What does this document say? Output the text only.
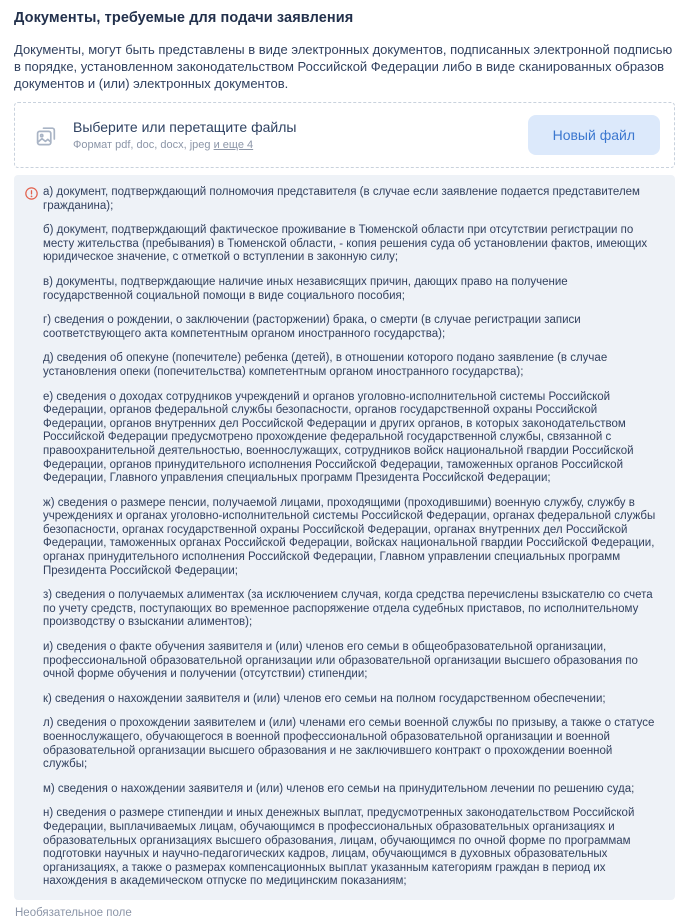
Документы, требуемые для подачи заявления

Документы, могут быть представлены в виде электронных документов, подписанных электронной подписью в порядке, установленном законодательством Российской Федерации либо в виде сканированных образов документов и (или) электронных документов.

Выберите или перетащите файлы
Формат pdf, doc, docx, jpeg и еще 4
Новый файл

а) документ, подтверждающий полномочия представителя (в случае если заявление подается представителем гражданина);

б) документ, подтверждающий фактическое проживание в Тюменской области при отсутствии регистрации по месту жительства (пребывания) в Тюменской области, - копия решения суда об установлении фактов, имеющих юридическое значение, с отметкой о вступлении в законную силу;

в) документы, подтверждающие наличие иных независящих причин, дающих право на получение государственной социальной помощи в виде социального пособия;

г) сведения о рождении, о заключении (расторжении) брака, о смерти (в случае регистрации записи соответствующего акта компетентным органом иностранного государства);

д) сведения об опекуне (попечителе) ребенка (детей), в отношении которого подано заявление (в случае установления опеки (попечительства) компетентным органом иностранного государства);

е) сведения о доходах сотрудников учреждений и органов уголовно-исполнительной системы Российской Федерации, органов федеральной службы безопасности, органов государственной охраны Российской Федерации, органов внутренних дел Российской Федерации и других органов, в которых законодательством Российской Федерации предусмотрено прохождение федеральной государственной службы, связанной с правоохранительной деятельностью, военнослужащих, сотрудников войск национальной гвардии Российской Федерации, органов принудительного исполнения Российской Федерации, таможенных органов Российской Федерации, Главного управления специальных программ Президента Российской Федерации;

ж) сведения о размере пенсии, получаемой лицами, проходящими (проходившими) военную службу, службу в учреждениях и органах уголовно-исполнительной системы Российской Федерации, органах федеральной службы безопасности, органах государственной охраны Российской Федерации, органах внутренних дел Российской Федерации, таможенных органах Российской Федерации, войсках национальной гвардии Российской Федерации, органах принудительного исполнения Российской Федерации, Главном управлении специальных программ Президента Российской Федерации;

з) сведения о получаемых алиментах (за исключением случая, когда средства перечислены взыскателю со счета по учету средств, поступающих во временное распоряжение отдела судебных приставов, по исполнительному производству о взыскании алиментов);

и) сведения о факте обучения заявителя и (или) членов его семьи в общеобразовательной организации, профессиональной образовательной организации или образовательной организации высшего образования по очной форме обучения и получении (отсутствии) стипендии;

к) сведения о нахождении заявителя и (или) членов его семьи на полном государственном обеспечении;

л) сведения о прохождении заявителем и (или) членами его семьи военной службы по призыву, а также о статусе военнослужащего, обучающегося в военной профессиональной образовательной организации и военной образовательной организации высшего образования и не заключившего контракт о прохождении военной службы;

м) сведения о нахождении заявителя и (или) членов его семьи на принудительном лечении по решению суда;

н) сведения о размере стипендии и иных денежных выплат, предусмотренных законодательством Российской Федерации, выплачиваемых лицам, обучающимся в профессиональных образовательных организациях и образовательных организациях высшего образования, лицам, обучающимся по очной форме по программам подготовки научных и научно-педагогических кадров, лицам, обучающимся в духовных образовательных организациях, а также о размерах компенсационных выплат указанным категориям граждан в период их нахождения в академическом отпуске по медицинским показаниям;

Необязательное поле
